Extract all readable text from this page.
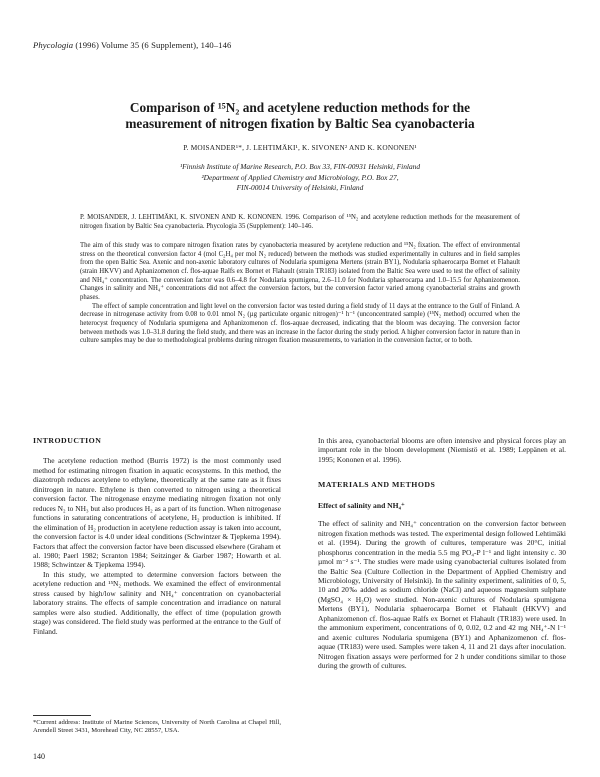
Phycologia (1996) Volume 35 (6 Supplement), 140–146
Comparison of ¹⁵N₂ and acetylene reduction methods for the
measurement of nitrogen fixation by Baltic Sea cyanobacteria
P. MOISANDER¹*, J. LEHTIMÄKI¹, K. SIVONEN² AND K. KONONEN¹
¹Finnish Institute of Marine Research, P.O. Box 33, FIN-00931 Helsinki, Finland
²Department of Applied Chemistry and Microbiology, P.O. Box 27,
FIN-00014 University of Helsinki, Finland
P. MOISANDER, J. LEHTIMÄKI, K. SIVONEN AND K. KONONEN. 1996. Comparison of ¹⁵N₂ and acetylene reduction methods for the measurement of nitrogen fixation by Baltic Sea cyanobacteria. Phycologia 35 (Supplement): 140–146.

The aim of this study was to compare nitrogen fixation rates by cyanobacteria measured by acetylene reduction and ¹⁵N₂ fixation. The effect of environmental stress on the theoretical conversion factor 4 (mol C₂H₄ per mol N₂ reduced) between the methods was studied experimentally in cultures and in field samples from the open Baltic Sea. Axenic and non-axenic laboratory cultures of Nodularia spumigena Mertens (strain BY1), Nodularia sphaerocarpa Bornet et Flahault (strain HKVV) and Aphanizomenon cf. flos-aquae Ralfs ex Bornet et Flahault (strain TR183) isolated from the Baltic Sea were used to test the effect of salinity and NH₄⁺ concentration. The conversion factor was 0.6–4.8 for Nodularia spumigena, 2.6–11.0 for Nodularia sphaerocarpa and 1.0–15.5 for Aphanizomenon. Changes in salinity and NH₄⁺ concentrations did not affect the conversion factors, but the conversion factor varied among cyanobacterial strains and growth phases.

The effect of sample concentration and light level on the conversion factor was tested during a field study of 11 days at the entrance to the Gulf of Finland. A decrease in nitrogenase activity from 0.08 to 0.01 nmol N₂ (µg particulate organic nitrogen)⁻¹ h⁻¹ (unconcentrated sample) (¹⁵N₂ method) occurred when the heterocyst frequency of Nodularia spumigena and Aphanizomenon cf. flos-aquae decreased, indicating that the bloom was decaying. The conversion factor between methods was 1.0–31.8 during the field study, and there was an increase in the factor during the study period. A higher conversion factor in nature than in culture samples may be due to methodological problems during nitrogen fixation measurements, to variation in the conversion factor, or to both.

INTRODUCTION

The acetylene reduction method (Burris 1972) is the most commonly used method for estimating nitrogen fixation in aquatic ecosystems. In this method, the diazotroph reduces acetylene to ethylene, theoretically at the same rate as it fixes dinitrogen in nature. Ethylene is then converted to nitrogen using a theoretical conversion factor. The nitrogenase enzyme mediating nitrogen fixation not only reduces N₂ to NH₃ but also produces H₂ as a part of its function. When nitrogenase functions in saturating concentrations of acetylene, H₂ production is inhibited. If the elimination of H₂ production in acetylene reduction assay is taken into account, the conversion factor is 4.0 under ideal conditions (Schwintzer & Tjepkema 1994). Factors that affect the conversion factor have been discussed elsewhere (Graham et al. 1980; Paerl 1982; Scranton 1984; Seitzinger & Garber 1987; Howarth et al. 1988; Schwintzer & Tjepkema 1994).

In this study, we attempted to determine conversion factors between the acetylene reduction and ¹⁵N₂ methods. We examined the effect of environmental stress caused by high/low salinity and NH₄⁺ concentration on cyanobacterial laboratory strains. The effects of sample concentration and irradiance on natural samples were also studied. Additionally, the effect of time (population growth stage) was considered. The field study was performed at the entrance to the Gulf of Finland.

In this area, cyanobacterial blooms are often intensive and physical forces play an important role in the bloom development (Niemistö et al. 1989; Leppänen et al. 1995; Kononen et al. 1996).

MATERIALS AND METHODS
Effect of salinity and NH₄⁺

The effect of salinity and NH₄⁺ concentration on the conversion factor between nitrogen fixation methods was tested. The experimental design followed Lehtimäki et al. (1994). During the growth of cultures, temperature was 20°C, initial phosphorus concentration in the media 5.5 mg PO₄-P l⁻¹ and light intensity c. 30 µmol m⁻² s⁻¹. The studies were made using cyanobacterial cultures isolated from the Baltic Sea (Culture Collection in the Department of Applied Chemistry and Microbiology, University of Helsinki). In the salinity experiment, salinities of 0, 5, 10 and 20‰ added as sodium chloride (NaCl) and aqueous magnesium sulphate (MgSO₄ × H₂O) were studied. Non-axenic cultures of Nodularia spumigena Mertens (BY1), Nodularia sphaerocarpa Bornet et Flahault (HKVV) and Aphanizomenon cf. flos-aquae Ralfs ex Bornet et Flahault (TR183) were used. In the ammonium experiment, concentrations of 0, 0.02, 0.2 and 42 mg NH₄⁺-N l⁻¹ and axenic cultures Nodularia spumigena (BY1) and Aphanizomenon cf. flos-aquae (TR183) were used. Samples were taken 4, 11 and 21 days after inoculation. Nitrogen fixation assays were performed for 2 h under conditions similar to those during the growth of cultures.

*Current address: Institute of Marine Sciences, University of North Carolina at Chapel Hill, Arendell Street 3431, Morehead City, NC 28557, USA.
140
